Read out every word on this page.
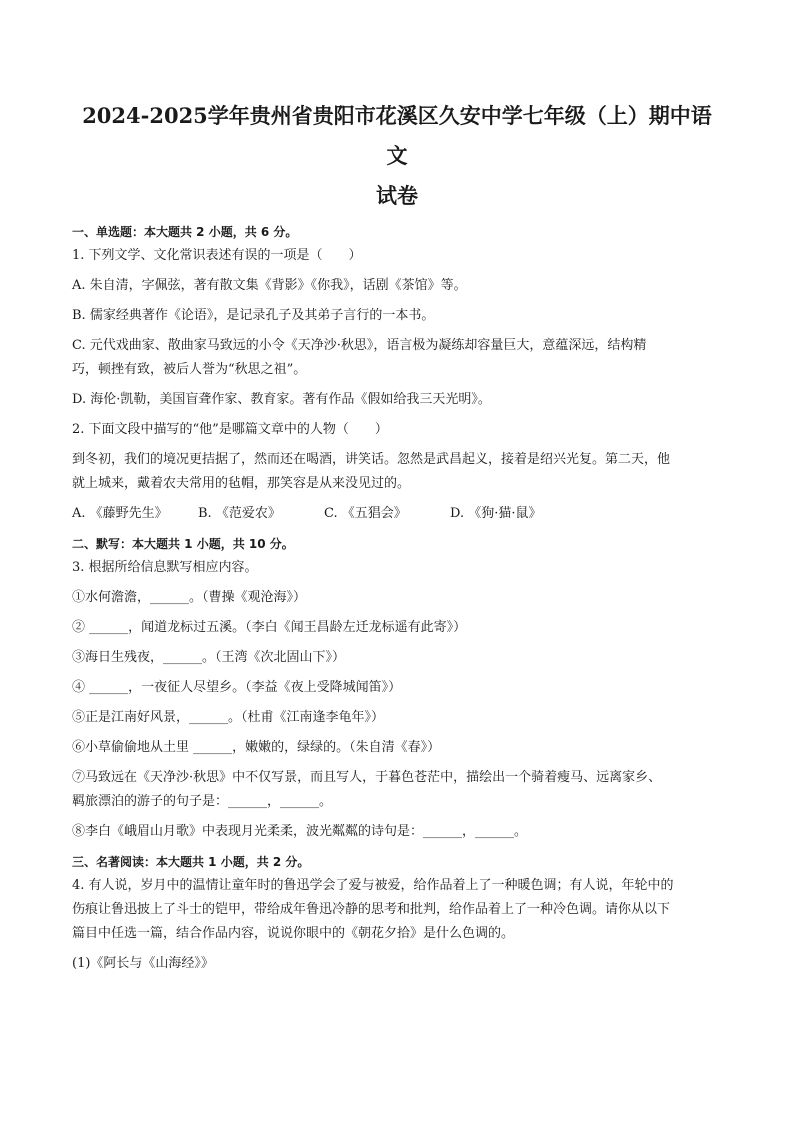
2024-2025学年贵州省贵阳市花溪区久安中学七年级（上）期中语文
试卷
一、单选题：本大题共 2 小题，共 6 分。

1. 下列文学、文化常识表述有误的一项是（　　）

A. 朱自清，字佩弦，著有散文集《背影》《你我》，话剧《茶馆》等。

B. 儒家经典著作《论语》，是记录孔子及其弟子言行的一本书。

C. 元代戏曲家、散曲家马致远的小令《天净沙·秋思》，语言极为凝练却容量巨大，意蕴深远，结构精

巧，顿挫有致，被后人誉为“秋思之祖”。

D. 海伦·凯勒，美国盲聋作家、教育家。著有作品《假如给我三天光明》。

2. 下面文段中描写的“他”是哪篇文章中的人物（　　）

到冬初，我们的境况更拮据了，然而还在喝酒，讲笑话。忽然是武昌起义，接着是绍兴光复。第二天，他

就上城来，戴着农夫常用的毡帽，那笑容是从来没见过的。

A. 《藤野先生》	B. 《范爱农》	C. 《五猖会》	D. 《狗·猫·鼠》
二、默写：本大题共 1 小题，共 10 分。

3. 根据所给信息默写相应内容。

①水何澹澹，______。（曹操《观沧海》）

② ______，闻道龙标过五溪。（李白《闻王昌龄左迁龙标遥有此寄》）

③海日生残夜，______。（王湾《次北固山下》）

④ ______，一夜征人尽望乡。（李益《夜上受降城闻笛》）

⑤正是江南好风景，______。（杜甫《江南逢李龟年》）

⑥小草偷偷地从土里 ______，嫩嫩的，绿绿的。（朱自清《春》）

⑦马致远在《天净沙·秋思》中不仅写景，而且写人，于暮色苍茫中，描绘出一个骑着瘦马、远离家乡、

羁旅漂泊的游子的句子是：______，______。

⑧李白《峨眉山月歌》中表现月光柔柔，波光粼粼的诗句是：______，______。

三、名著阅读：本大题共 1 小题，共 2 分。

4. 有人说，岁月中的温情让童年时的鲁迅学会了爱与被爱，给作品着上了一种暖色调；有人说，年轮中的

伤痕让鲁迅披上了斗士的铠甲，带给成年鲁迅冷静的思考和批判，给作品着上了一种冷色调。请你从以下

篇目中任选一篇，结合作品内容，说说你眼中的《朝花夕拾》是什么色调的。

(1)《阿长与《山海经》》
